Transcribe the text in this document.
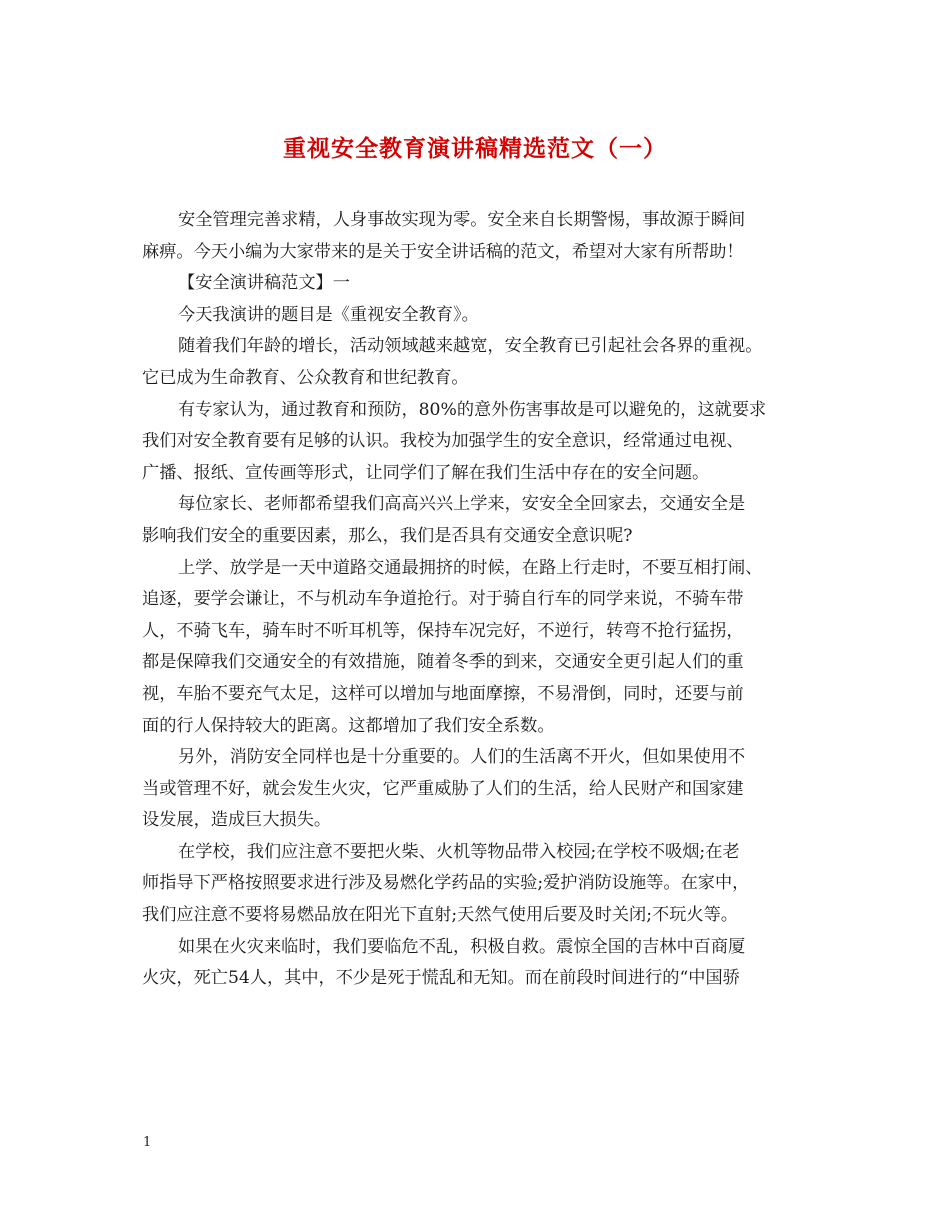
重视安全教育演讲稿精选范文（一）
安全管理完善求精，人身事故实现为零。安全来自长期警惕，事故源于瞬间
麻痹。今天小编为大家带来的是关于安全讲话稿的范文，希望对大家有所帮助！
【安全演讲稿范文】一
今天我演讲的题目是《重视安全教育》。
随着我们年龄的增长，活动领域越来越宽，安全教育已引起社会各界的重视。
它已成为生命教育、公众教育和世纪教育。
有专家认为，通过教育和预防，80%的意外伤害事故是可以避免的，这就要求
我们对安全教育要有足够的认识。我校为加强学生的安全意识，经常通过电视、
广播、报纸、宣传画等形式，让同学们了解在我们生活中存在的安全问题。
每位家长、老师都希望我们高高兴兴上学来，安安全全回家去，交通安全是
影响我们安全的重要因素，那么，我们是否具有交通安全意识呢?
上学、放学是一天中道路交通最拥挤的时候，在路上行走时，不要互相打闹、
追逐，要学会谦让，不与机动车争道抢行。对于骑自行车的同学来说，不骑车带
人，不骑飞车，骑车时不听耳机等，保持车况完好，不逆行，转弯不抢行猛拐，
都是保障我们交通安全的有效措施，随着冬季的到来，交通安全更引起人们的重
视，车胎不要充气太足，这样可以增加与地面摩擦，不易滑倒，同时，还要与前
面的行人保持较大的距离。这都增加了我们安全系数。
另外，消防安全同样也是十分重要的。人们的生活离不开火，但如果使用不
当或管理不好，就会发生火灾，它严重威胁了人们的生活，给人民财产和国家建
设发展，造成巨大损失。
在学校，我们应注意不要把火柴、火机等物品带入校园;在学校不吸烟;在老
师指导下严格按照要求进行涉及易燃化学药品的实验;爱护消防设施等。在家中，
我们应注意不要将易燃品放在阳光下直射;天然气使用后要及时关闭;不玩火等。
如果在火灾来临时，我们要临危不乱，积极自救。震惊全国的吉林中百商厦
火灾，死亡54人，其中，不少是死于慌乱和无知。而在前段时间进行的“中国骄
1
